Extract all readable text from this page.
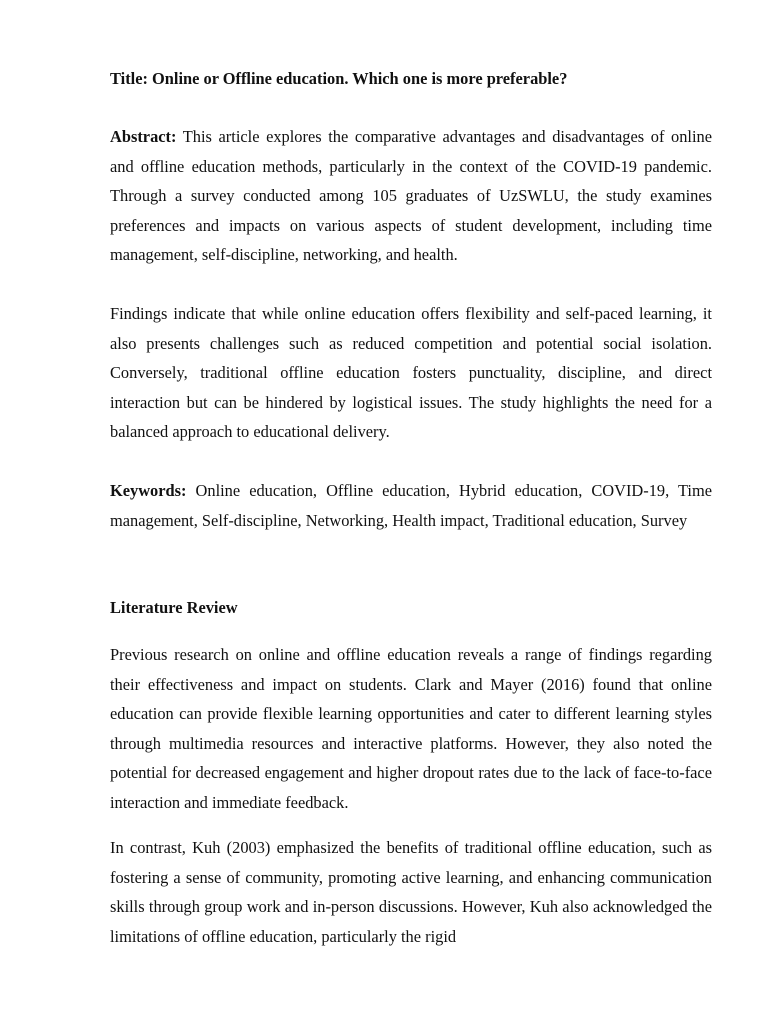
Title: Online or Offline education. Which one is more preferable?

Abstract: This article explores the comparative advantages and disadvantages of online and offline education methods, particularly in the context of the COVID-19 pandemic. Through a survey conducted among 105 graduates of UzSWLU, the study examines preferences and impacts on various aspects of student development, including time management, self-discipline, networking, and health.

Findings indicate that while online education offers flexibility and self-paced learning, it also presents challenges such as reduced competition and potential social isolation. Conversely, traditional offline education fosters punctuality, discipline, and direct interaction but can be hindered by logistical issues. The study highlights the need for a balanced approach to educational delivery.

Keywords: Online education, Offline education, Hybrid education, COVID-19, Time management, Self-discipline, Networking, Health impact, Traditional education, Survey

Literature Review

Previous research on online and offline education reveals a range of findings regarding their effectiveness and impact on students. Clark and Mayer (2016) found that online education can provide flexible learning opportunities and cater to different learning styles through multimedia resources and interactive platforms. However, they also noted the potential for decreased engagement and higher dropout rates due to the lack of face-to-face interaction and immediate feedback.

In contrast, Kuh (2003) emphasized the benefits of traditional offline education, such as fostering a sense of community, promoting active learning, and enhancing communication skills through group work and in-person discussions. However, Kuh also acknowledged the limitations of offline education, particularly the rigid
